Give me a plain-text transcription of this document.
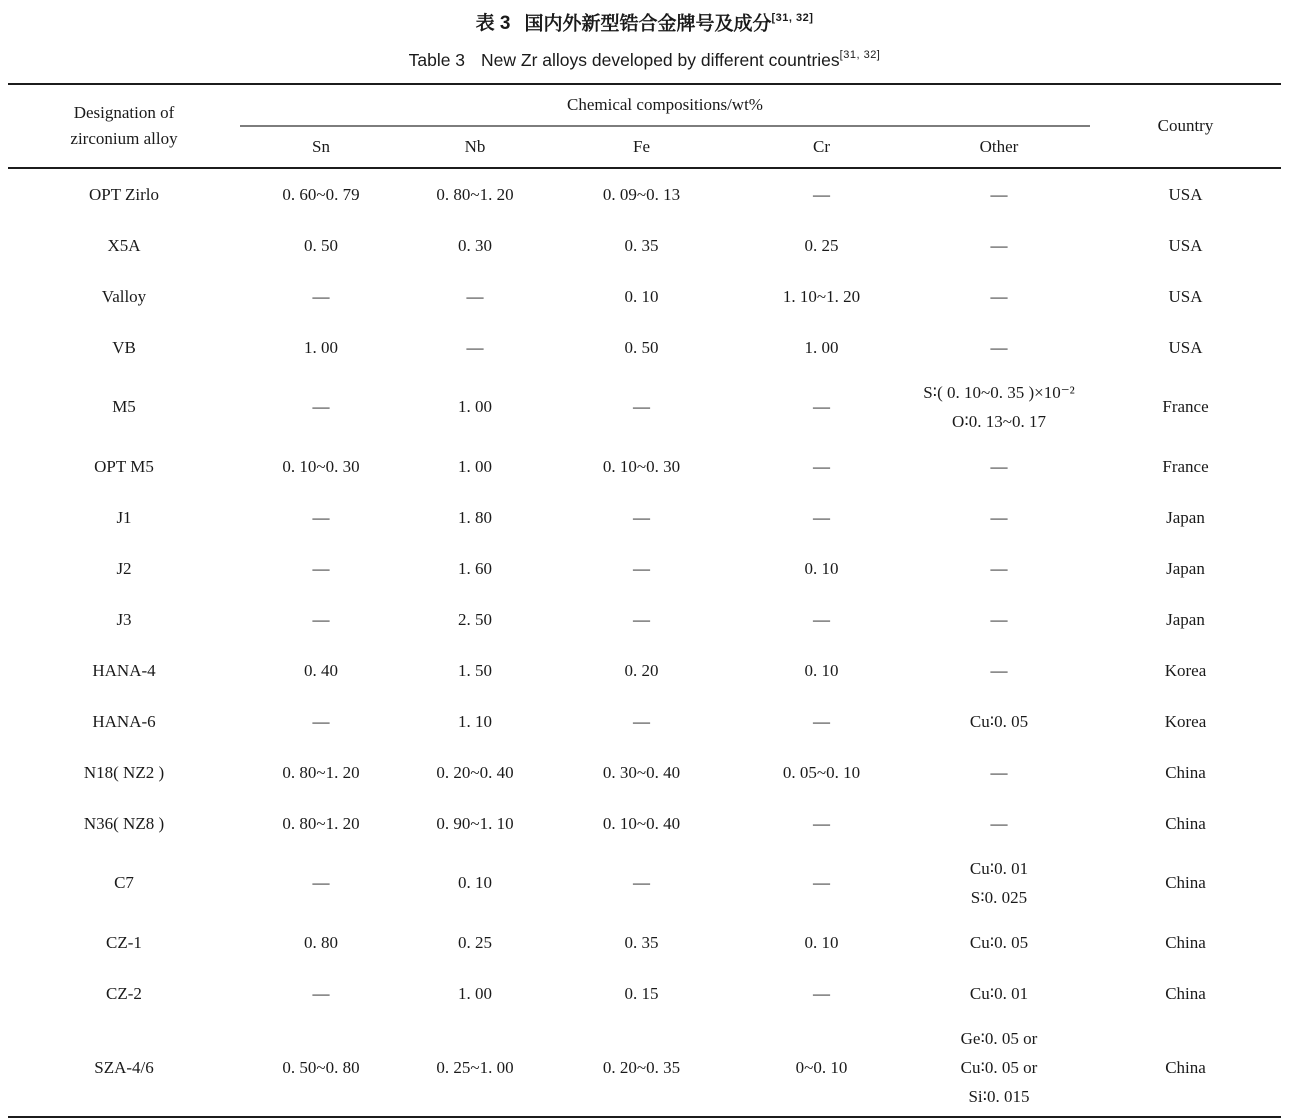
表 3 国内外新型锆合金牌号及成分[31, 32]
Table 3 New Zr alloys developed by different countries[31, 32]
Designation of
zirconium alloy	Chemical compositions/wt%					Country
	Sn	Nb	Fe	Cr	Other	
OPT Zirlo	0. 60~0. 79	0. 80~1. 20	0. 09~0. 13	—	—	USA
X5A	0. 50	0. 30	0. 35	0. 25	—	USA
Valloy	—	—	0. 10	1. 10~1. 20	—	USA
VB	1. 00	—	0. 50	1. 00	—	USA
M5	—	1. 00	—	—	S∶( 0. 10~0. 35 )×10⁻²
O∶0. 13~0. 17	France
OPT M5	0. 10~0. 30	1. 00	0. 10~0. 30	—	—	France
J1	—	1. 80	—	—	—	Japan
J2	—	1. 60	—	0. 10	—	Japan
J3	—	2. 50	—	—	—	Japan
HANA-4	0. 40	1. 50	0. 20	0. 10	—	Korea
HANA-6	—	1. 10	—	—	Cu∶0. 05	Korea
N18( NZ2 )	0. 80~1. 20	0. 20~0. 40	0. 30~0. 40	0. 05~0. 10	—	China
N36( NZ8 )	0. 80~1. 20	0. 90~1. 10	0. 10~0. 40	—	—	China
C7	—	0. 10	—	—	Cu∶0. 01
S∶0. 025	China
CZ-1	0. 80	0. 25	0. 35	0. 10	Cu∶0. 05	China
CZ-2	—	1. 00	0. 15	—	Cu∶0. 01	China
SZA-4/6	0. 50~0. 80	0. 25~1. 00	0. 20~0. 35	0~0. 10	Ge∶0. 05 or
Cu∶0. 05 or
Si∶0. 015	China
